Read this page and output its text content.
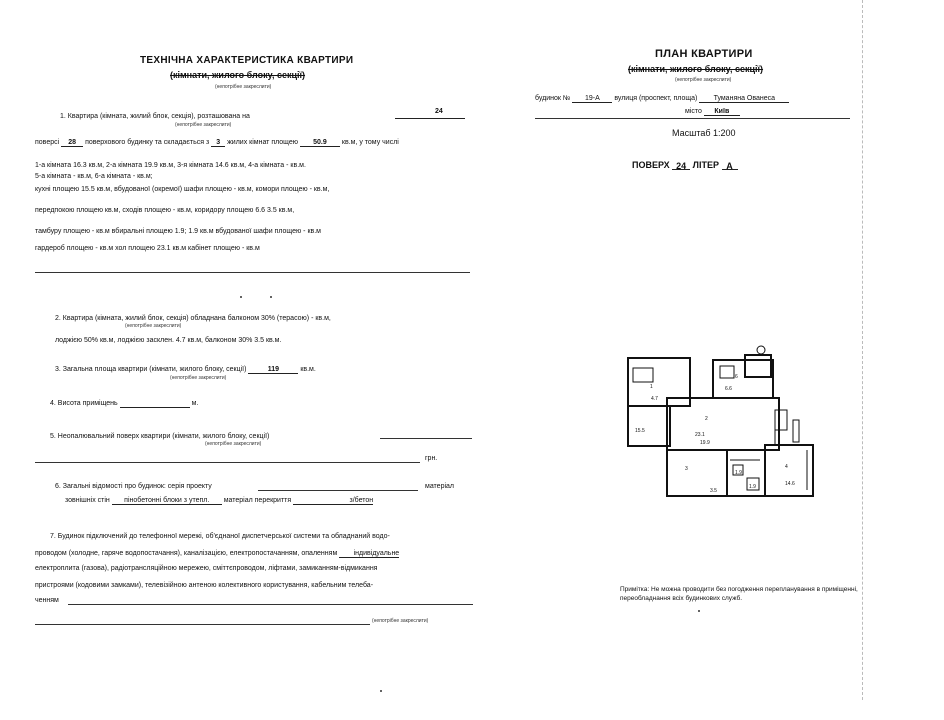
ТЕХНІЧНА ХАРАКТЕРИСТИКА КВАРТИРИ
(кімнати, жилого блоку, секції)
(непотрібне закреслити)
1. Квартира (кімната, жилий блок, секція), розташована на
24
(непотрібне закреслити)
поверсі 28 поверхового будинку та складається з 3 жилих кімнат площею 50.9 кв.м, у тому числі
1-а кімната 16.3 кв.м, 2-а кімната 19.9 кв.м, 3-я кімната 14.6 кв.м, 4-а кімната - кв.м.
5-а кімната - кв.м, 6-а кімната - кв.м;
кухні площею 15.5 кв.м, вбудованої (окремої) шафи площею - кв.м, комори площею - кв.м,
передпокою площею кв.м, сходів площею - кв.м, коридору площею 6.6 3.5 кв.м,
тамбуру площею - кв.м вбиральні площею 1.9; 1.9 кв.м вбудованої шафи площею - кв.м
гардероб площею - кв.м хол площею 23.1 кв.м кабінет площею - кв.м
2. Квартира (кімната, жилий блок, секція) обладнана балконом 30% (терасою) - кв.м,
(непотрібне закреслити)
лоджією 50% кв.м, лоджією засклен. 4.7 кв.м, балконом 30% 3.5 кв.м.
3. Загальна площа квартири (кімнати, жилого блоку, секції)	119	кв.м.
(непотрібне закреслити)
4. Висота приміщень	м.
5. Неопалювальний поверх квартири (кімнати, жилого блоку, секції)
(непотрібне закреслити)
грн.
6. Загальні відомості про будинок: серія проекту	матеріал
зовнішніх стін пінобетонні блоки з утепл. матеріал перекриття	з/бетон
7. Будинок підключений до телефонної мережі, об'єднаної диспетчерської системи та обладнаний водо-
проводом (холодне, гаряче водопостачання), каналізацією, електропостачанням, опаленням індивідуальне
електроплита (газова), радіотрансляційною мережею, сміттєпроводом, ліфтами, замиканням-відмикання
пристроями (кодовими замками), телевізійною антеною колективного користування, кабельним телеба-
ченням
(непотрібне закреслити)
ПЛАН КВАРТИРИ
(кімнати, жилого блоку, секції)
(непотрібне закреслити)
будинок № 19-А вулиця (проспект, площа) Туманяна Ованеса
місто Київ
Масштаб 1:200
ПОВЕРХ 24 ЛІТЕР А
1
2
3	4
6
6.6
19.9
14.6
15.5
23.1
3.5
4.7
1.9
1.9
Примітка: Не можна проводити без погодження перепланування в приміщенні, переобладнання всіх будинкових служб.
